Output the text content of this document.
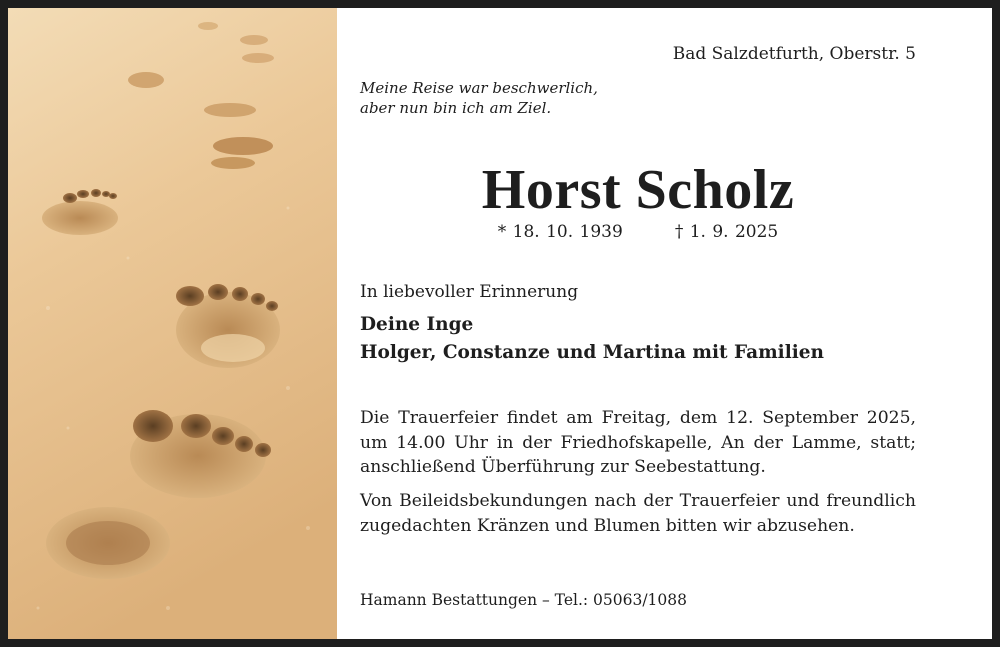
Bad Salzdetfurth, Oberstr. 5
Meine Reise war beschwerlich,
aber nun bin ich am Ziel.
Horst Scholz
* 18. 10. 1939	† 1. 9. 2025
In liebevoller Erinnerung
Deine Inge
Holger, Constanze und Martina mit Familien
Die Trauerfeier findet am Freitag, dem 12. September 2025, um 14.00 Uhr in der Friedhofskapelle, An der Lamme, statt; anschließend Überführung zur Seebestattung.
Von Beileidsbekundungen nach der Trauerfeier und freundlich zugedachten Kränzen und Blumen bitten wir abzusehen.
Hamann Bestattungen – Tel.: 05063/1088
